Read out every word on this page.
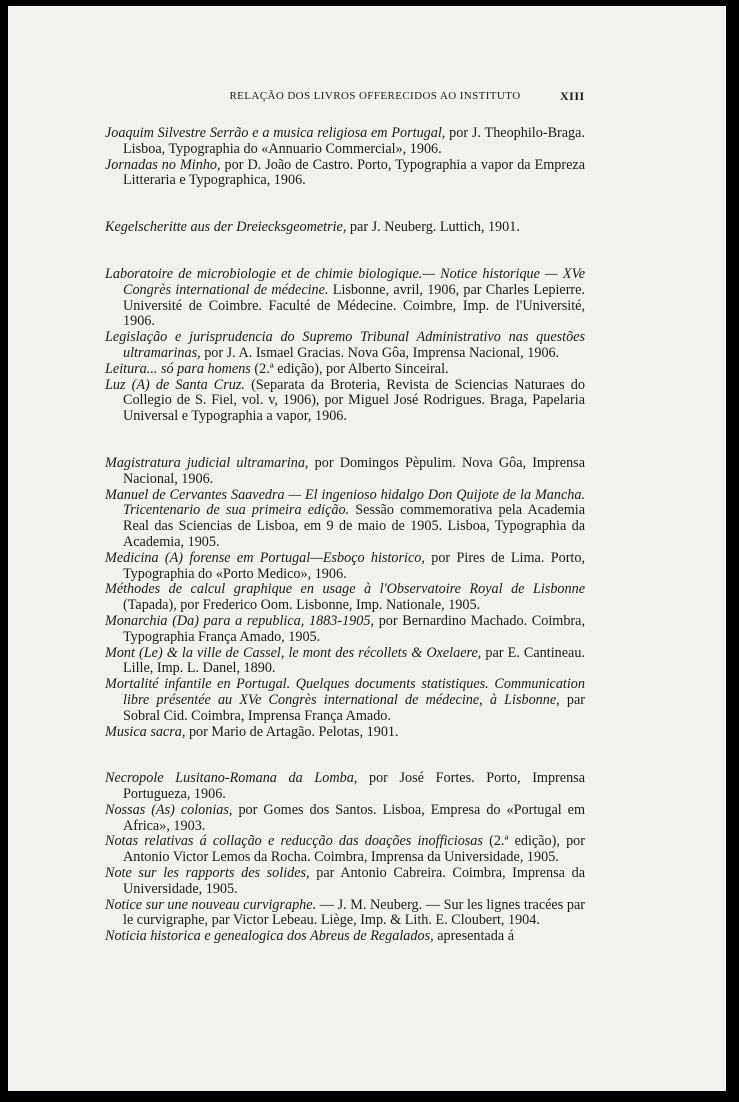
RELAÇÃO DOS LIVROS OFFERECIDOS AO INSTITUTO	XIII
Joaquim Silvestre Serrão e a musica religiosa em Portugal, por J. Theophilo-Braga. Lisboa, Typographia do «Annuario Commercial», 1906.
Jornadas no Minho, por D. João de Castro. Porto, Typographia a vapor da Empreza Litteraria e Typographica, 1906.
Kegelscheritte aus der Dreiecksgeometrie, par J. Neuberg. Luttich, 1901.
Laboratoire de microbiologie et de chimie biologique.— Notice historique — XVe Congrès international de médecine. Lisbonne, avril, 1906, par Charles Lepierre. Université de Coimbre. Faculté de Médecine. Coimbre, Imp. de l'Université, 1906.
Legislação e jurisprudencia do Supremo Tribunal Administrativo nas questões ultramarinas, por J. A. Ismael Gracias. Nova Gôa, Imprensa Nacional, 1906.
Leitura... só para homens (2.ª edição), por Alberto Sinceiral.
Luz (A) de Santa Cruz. (Separata da Broteria, Revista de Sciencias Naturaes do Collegio de S. Fiel, vol. v, 1906), por Miguel José Rodrigues. Braga, Papelaria Universal e Typographia a vapor, 1906.
Magistratura judicial ultramarina, por Domingos Pèpulim. Nova Gôa, Imprensa Nacional, 1906.
Manuel de Cervantes Saavedra — El ingenioso hidalgo Don Quijote de la Mancha. Tricentenario de sua primeira edição. Sessão commemorativa pela Academia Real das Sciencias de Lisboa, em 9 de maio de 1905. Lisboa, Typographia da Academia, 1905.
Medicina (A) forense em Portugal—Esboço historico, por Pires de Lima. Porto, Typographia do «Porto Medico», 1906.
Méthodes de calcul graphique en usage à l'Observatoire Royal de Lisbonne (Tapada), por Frederico Oom. Lisbonne, Imp. Nationale, 1905.
Monarchia (Da) para a republica, 1883-1905, por Bernardino Machado. Coimbra, Typographia França Amado, 1905.
Mont (Le) & la ville de Cassel, le mont des récollets & Oxelaere, par E. Cantineau. Lille, Imp. L. Danel, 1890.
Mortalité infantile en Portugal. Quelques documents statistiques. Communication libre présentée au XVe Congrès international de médecine, à Lisbonne, par Sobral Cid. Coimbra, Imprensa França Amado.
Musica sacra, por Mario de Artagão. Pelotas, 1901.
Necropole Lusitano-Romana da Lomba, por José Fortes. Porto, Imprensa Portugueza, 1906.
Nossas (As) colonias, por Gomes dos Santos. Lisboa, Empresa do «Portugal em Africa», 1903.
Notas relativas á collação e reducção das doações inofficiosas (2.ª edição), por Antonio Victor Lemos da Rocha. Coimbra, Imprensa da Universidade, 1905.
Note sur les rapports des solides, par Antonio Cabreira. Coimbra, Imprensa da Universidade, 1905.
Notice sur une nouveau curvigraphe. — J. M. Neuberg. — Sur les lignes tracées par le curvigraphe, par Victor Lebeau. Liège, Imp. & Lith. E. Cloubert, 1904.
Noticia historica e genealogica dos Abreus de Regalados, apresentada á
